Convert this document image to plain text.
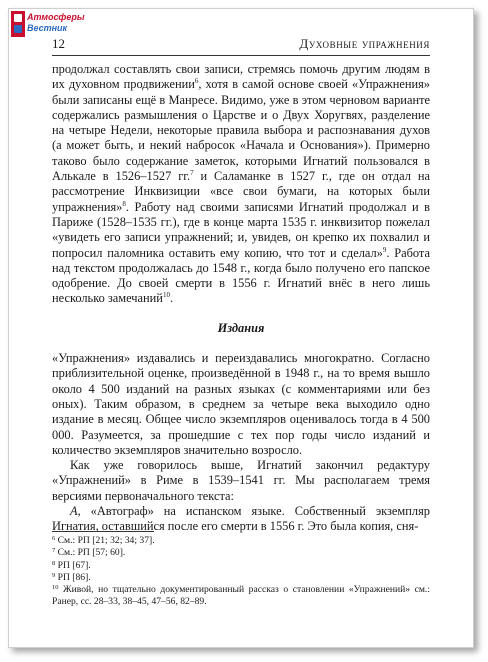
Атмосферы
Вестник
12	Духовные упражнения

продолжал составлять свои записи, стремясь помочь другим людям в их духовном продвижении$^6$, хотя в самой основе своей «Упражнения» были записаны ещё в Манресе. Видимо, уже в этом черновом варианте содержались размышления о Царстве и о Двух Хоругвях, разделение на четыре Недели, некоторые правила выбора и распознавания духов (а может быть, и некий набросок «Начала и Основания»). Примерно таково было содержание заметок, которыми Игнатий пользовался в Алькале в 1526–1527 гг.$^7$ и Саламанке в 1527 г., где он отдал на рассмотрение Инквизиции «все свои бумаги, на которых были упражнения»$^8$. Работу над своими записями Игнатий продолжал и в Париже (1528–1535 гг.), где в конце марта 1535 г. инквизитор пожелал «увидеть его записи упражнений; и, увидев, он крепко их похвалил и попросил паломника оставить ему копию, что тот и сделал»$^9$. Работа над текстом продолжалась до 1548 г., когда было получено его папское одобрение. До своей смерти в 1556 г. Игнатий внёс в него лишь несколько замечаний$^{10}$.

Издания

«Упражнения» издавались и переиздавались многократно. Согласно приблизительной оценке, произведённой в 1948 г., на то время вышло около 4 500 изданий на разных языках (с комментариями или без оных). Таким образом, в среднем за четыре века выходило одно издание в месяц. Общее число экземпляров оценивалось тогда в 4 500 000. Разумеется, за прошедшие с тех пор годы число изданий и количество экземпляров значительно возросло.

Как уже говорилось выше, Игнатий закончил редактуру «Упражнений» в Риме в 1539–1541 гг. Мы располагаем тремя версиями первоначального текста:

А, «Автограф» на испанском языке. Собственный экземпляр Игнатия, оставшийся после его смерти в 1556 г. Это была копия, сня-

$^6$ См.: РП [21; 32; 34; 37].

$^7$ См.: РП [57; 60].

$^8$ РП [67].

$^9$ РП [86].

$^{10}$ Живой, но тщательно документированный рассказ о становлении «Упражнений» см.: Ранер, сс. 28–33, 38–45, 47–56, 82–89.
